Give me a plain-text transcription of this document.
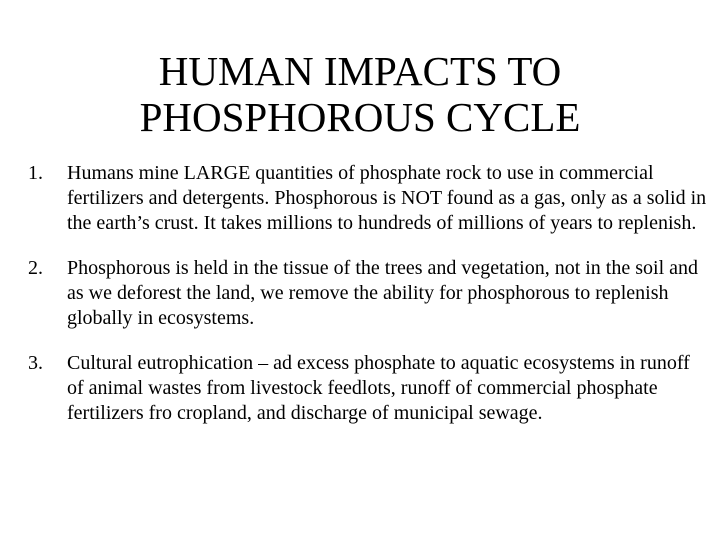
HUMAN IMPACTS TO
PHOSPHOROUS CYCLE
1. Humans mine LARGE quantities of phosphate rock to use in commercial fertilizers and detergents. Phosphorous is NOT found as a gas, only as a solid in the earth’s crust. It takes millions to hundreds of millions of years to replenish.
2. Phosphorous is held in the tissue of the trees and vegetation, not in the soil and as we deforest the land, we remove the ability for phosphorous to replenish globally in ecosystems.
3. Cultural eutrophication – ad excess phosphate to aquatic ecosystems in runoff of animal wastes from livestock feedlots, runoff of commercial phosphate fertilizers fro cropland, and discharge of municipal sewage.
